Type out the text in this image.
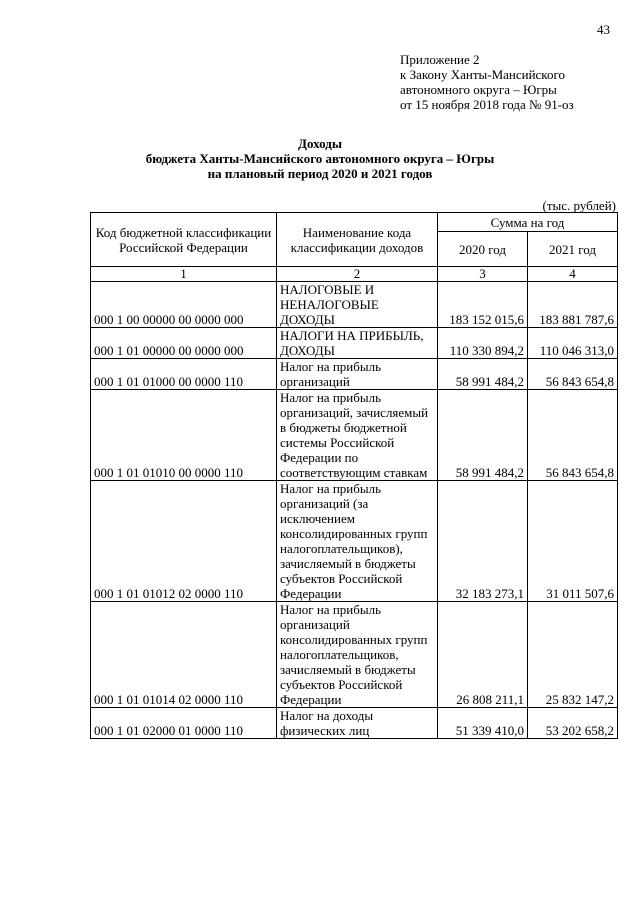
43
Приложение 2
к Закону Ханты-Мансийского
автономного округа – Югры
от 15 ноября 2018 года № 91-оз
Доходы
бюджета Ханты-Мансийского автономного округа – Югры
на плановый период 2020 и 2021 годов
(тыс. рублей)
Код бюджетной классификации Российской Федерации	Наименование кода классификации доходов	Сумма на год	
		2020 год	2021 год
1	2	3	4
000 1 00 00000 00 0000 000	НАЛОГОВЫЕ И НЕНАЛОГОВЫЕ ДОХОДЫ	183 152 015,6	183 881 787,6
000 1 01 00000 00 0000 000	НАЛОГИ НА ПРИБЫЛЬ, ДОХОДЫ	110 330 894,2	110 046 313,0
000 1 01 01000 00 0000 110	Налог на прибыль организаций	58 991 484,2	56 843 654,8
000 1 01 01010 00 0000 110	Налог на прибыль организаций, зачисляемый в бюджеты бюджетной системы Российской Федерации по соответствующим ставкам	58 991 484,2	56 843 654,8
000 1 01 01012 02 0000 110	Налог на прибыль организаций (за исключением консолидированных групп налогоплательщиков), зачисляемый в бюджеты субъектов Российской Федерации	32 183 273,1	31 011 507,6
000 1 01 01014 02 0000 110	Налог на прибыль организаций консолидированных групп налогоплательщиков, зачисляемый в бюджеты субъектов Российской Федерации	26 808 211,1	25 832 147,2
000 1 01 02000 01 0000 110	Налог на доходы физических лиц	51 339 410,0	53 202 658,2
